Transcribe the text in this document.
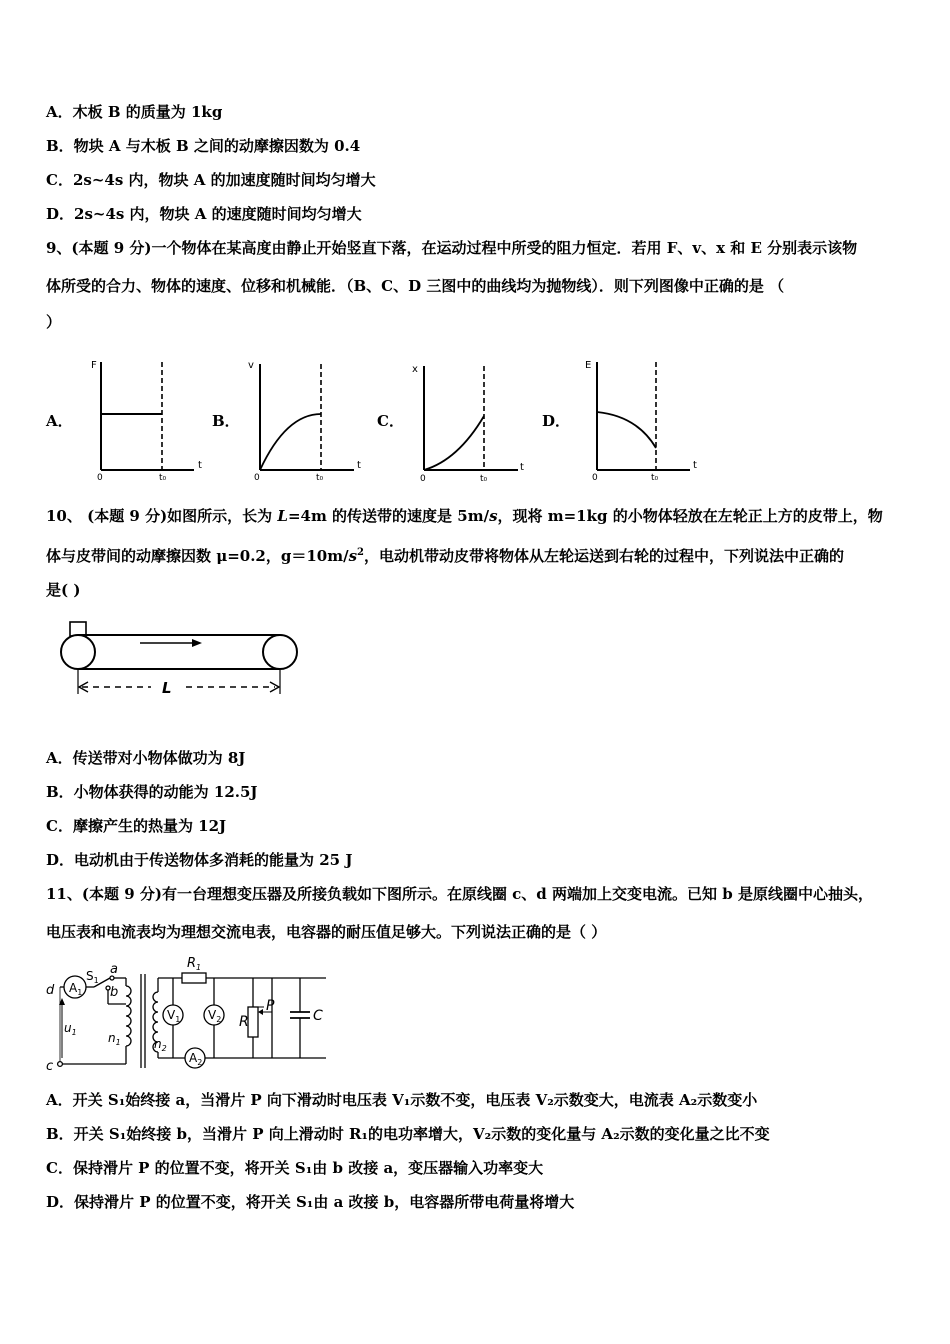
A．木板 B 的质量为 1kg
B．物块 A 与木板 B 之间的动摩擦因数为 0.4
C．2s~4s 内，物块 A 的加速度随时间均匀增大
D．2s~4s 内，物块 A 的速度随时间均匀增大
9、(本题 9 分)一个物体在某高度由静止开始竖直下落，在运动过程中所受的阻力恒定．若用 F、v、x 和 E 分别表示该物
体所受的合力、物体的速度、位移和机械能．（B、C、D 三图中的曲线均为抛物线）．则下列图像中正确的是 （
）
A．
F
t
0	t₀
B．
v
t
0	t₀
C．
x
t
0	t₀
D．
E
t
0	t₀
10、 (本题 9 分)如图所示，长为 L=4m 的传送带的速度是 5m/s，现将 m=1kg 的小物体轻放在左轮正上方的皮带上，物
体与皮带间的动摩擦因数 μ=0.2，$g=10m/s^2$，电动机带动皮带将物体从左轮运送到右轮的过程中，下列说法中正确的
是( )
L
A．传送带对小物体做功为 8J
B．小物体获得的动能为 12.5J
C．摩擦产生的热量为 12J
D．电动机由于传送物体多消耗的能量为 25 J
11、(本题 9 分)有一台理想变压器及所接负载如下图所示。在原线圈 c、d 两端加上交变电流。已知 b 是原线圈中心抽头，
电压表和电流表均为理想交流电表，电容器的耐压值足够大。下列说法正确的是（ ）
d
c
a
b
$S_1$
$A_1$
$u_1$	$n_1$	$n_2$
$V_1$ $V_2$
$A_2$
$R_1$
R
P
C
A．开关 S₁始终接 a，当滑片 P 向下滑动时电压表 V₁示数不变，电压表 V₂示数变大，电流表 A₂示数变小
B．开关 S₁始终接 b，当滑片 P 向上滑动时 R₁的电功率增大，V₂示数的变化量与 A₂示数的变化量之比不变
C．保持滑片 P 的位置不变，将开关 S₁由 b 改接 a，变压器输入功率变大
D．保持滑片 P 的位置不变，将开关 S₁由 a 改接 b，电容器所带电荷量将增大
